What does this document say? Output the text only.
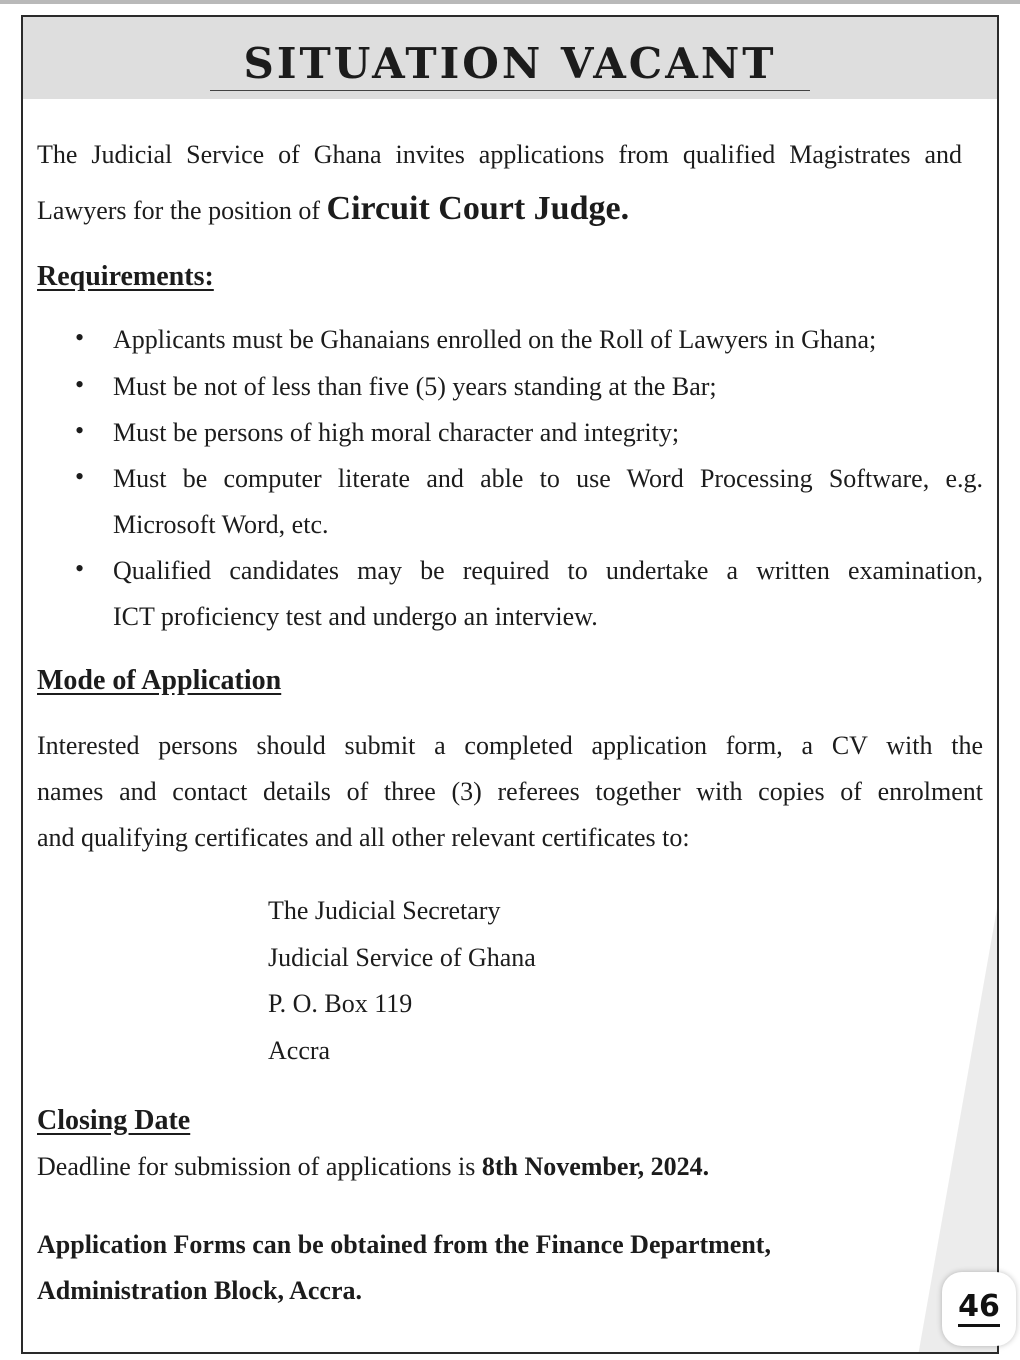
SITUATION VACANT
The Judicial Service of Ghana invites applications from qualified Magistrates and
Lawyers for the position of Circuit Court Judge.
Requirements:
• Applicants must be Ghanaians enrolled on the Roll of Lawyers in Ghana;
• Must be not of less than five (5) years standing at the Bar;
• Must be persons of high moral character and integrity;
• Must be computer literate and able to use Word Processing Software, e.g.
Microsoft Word, etc.
• Qualified candidates may be required to undertake a written examination,
ICT proficiency test and undergo an interview.
Mode of Application
Interested persons should submit a completed application form, a CV with the
names and contact details of three (3) referees together with copies of enrolment
and qualifying certificates and all other relevant certificates to:
The Judicial Secretary
Judicial Service of Ghana
P. O. Box 119
Accra
Closing Date
Deadline for submission of applications is 8th November, 2024.
Application Forms can be obtained from the Finance Department,
Administration Block, Accra.	46
